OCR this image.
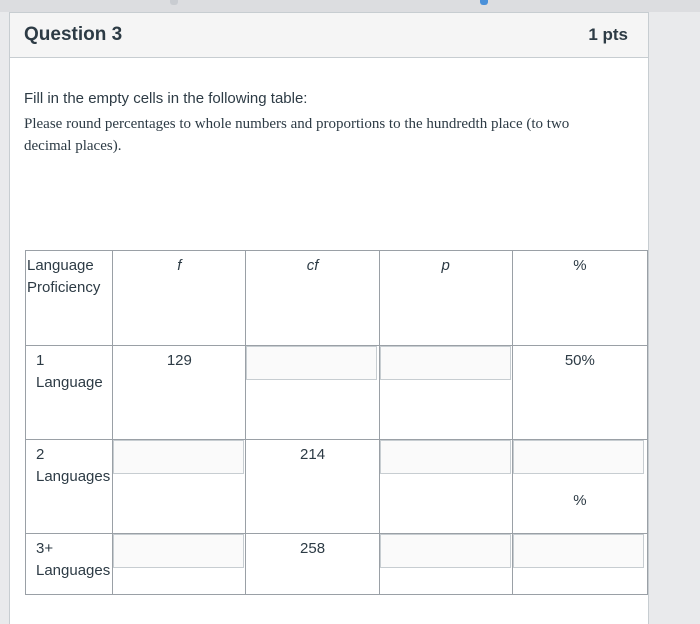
Question 3	1 pts

Fill in the empty cells in the following table:

Please round percentages to whole numbers and proportions to the hundredth place (to two decimal places).

Language Proficiency	f	cf	p	%

1 Language	129			50%

2 Languages		214		%

3+ Languages		258		
